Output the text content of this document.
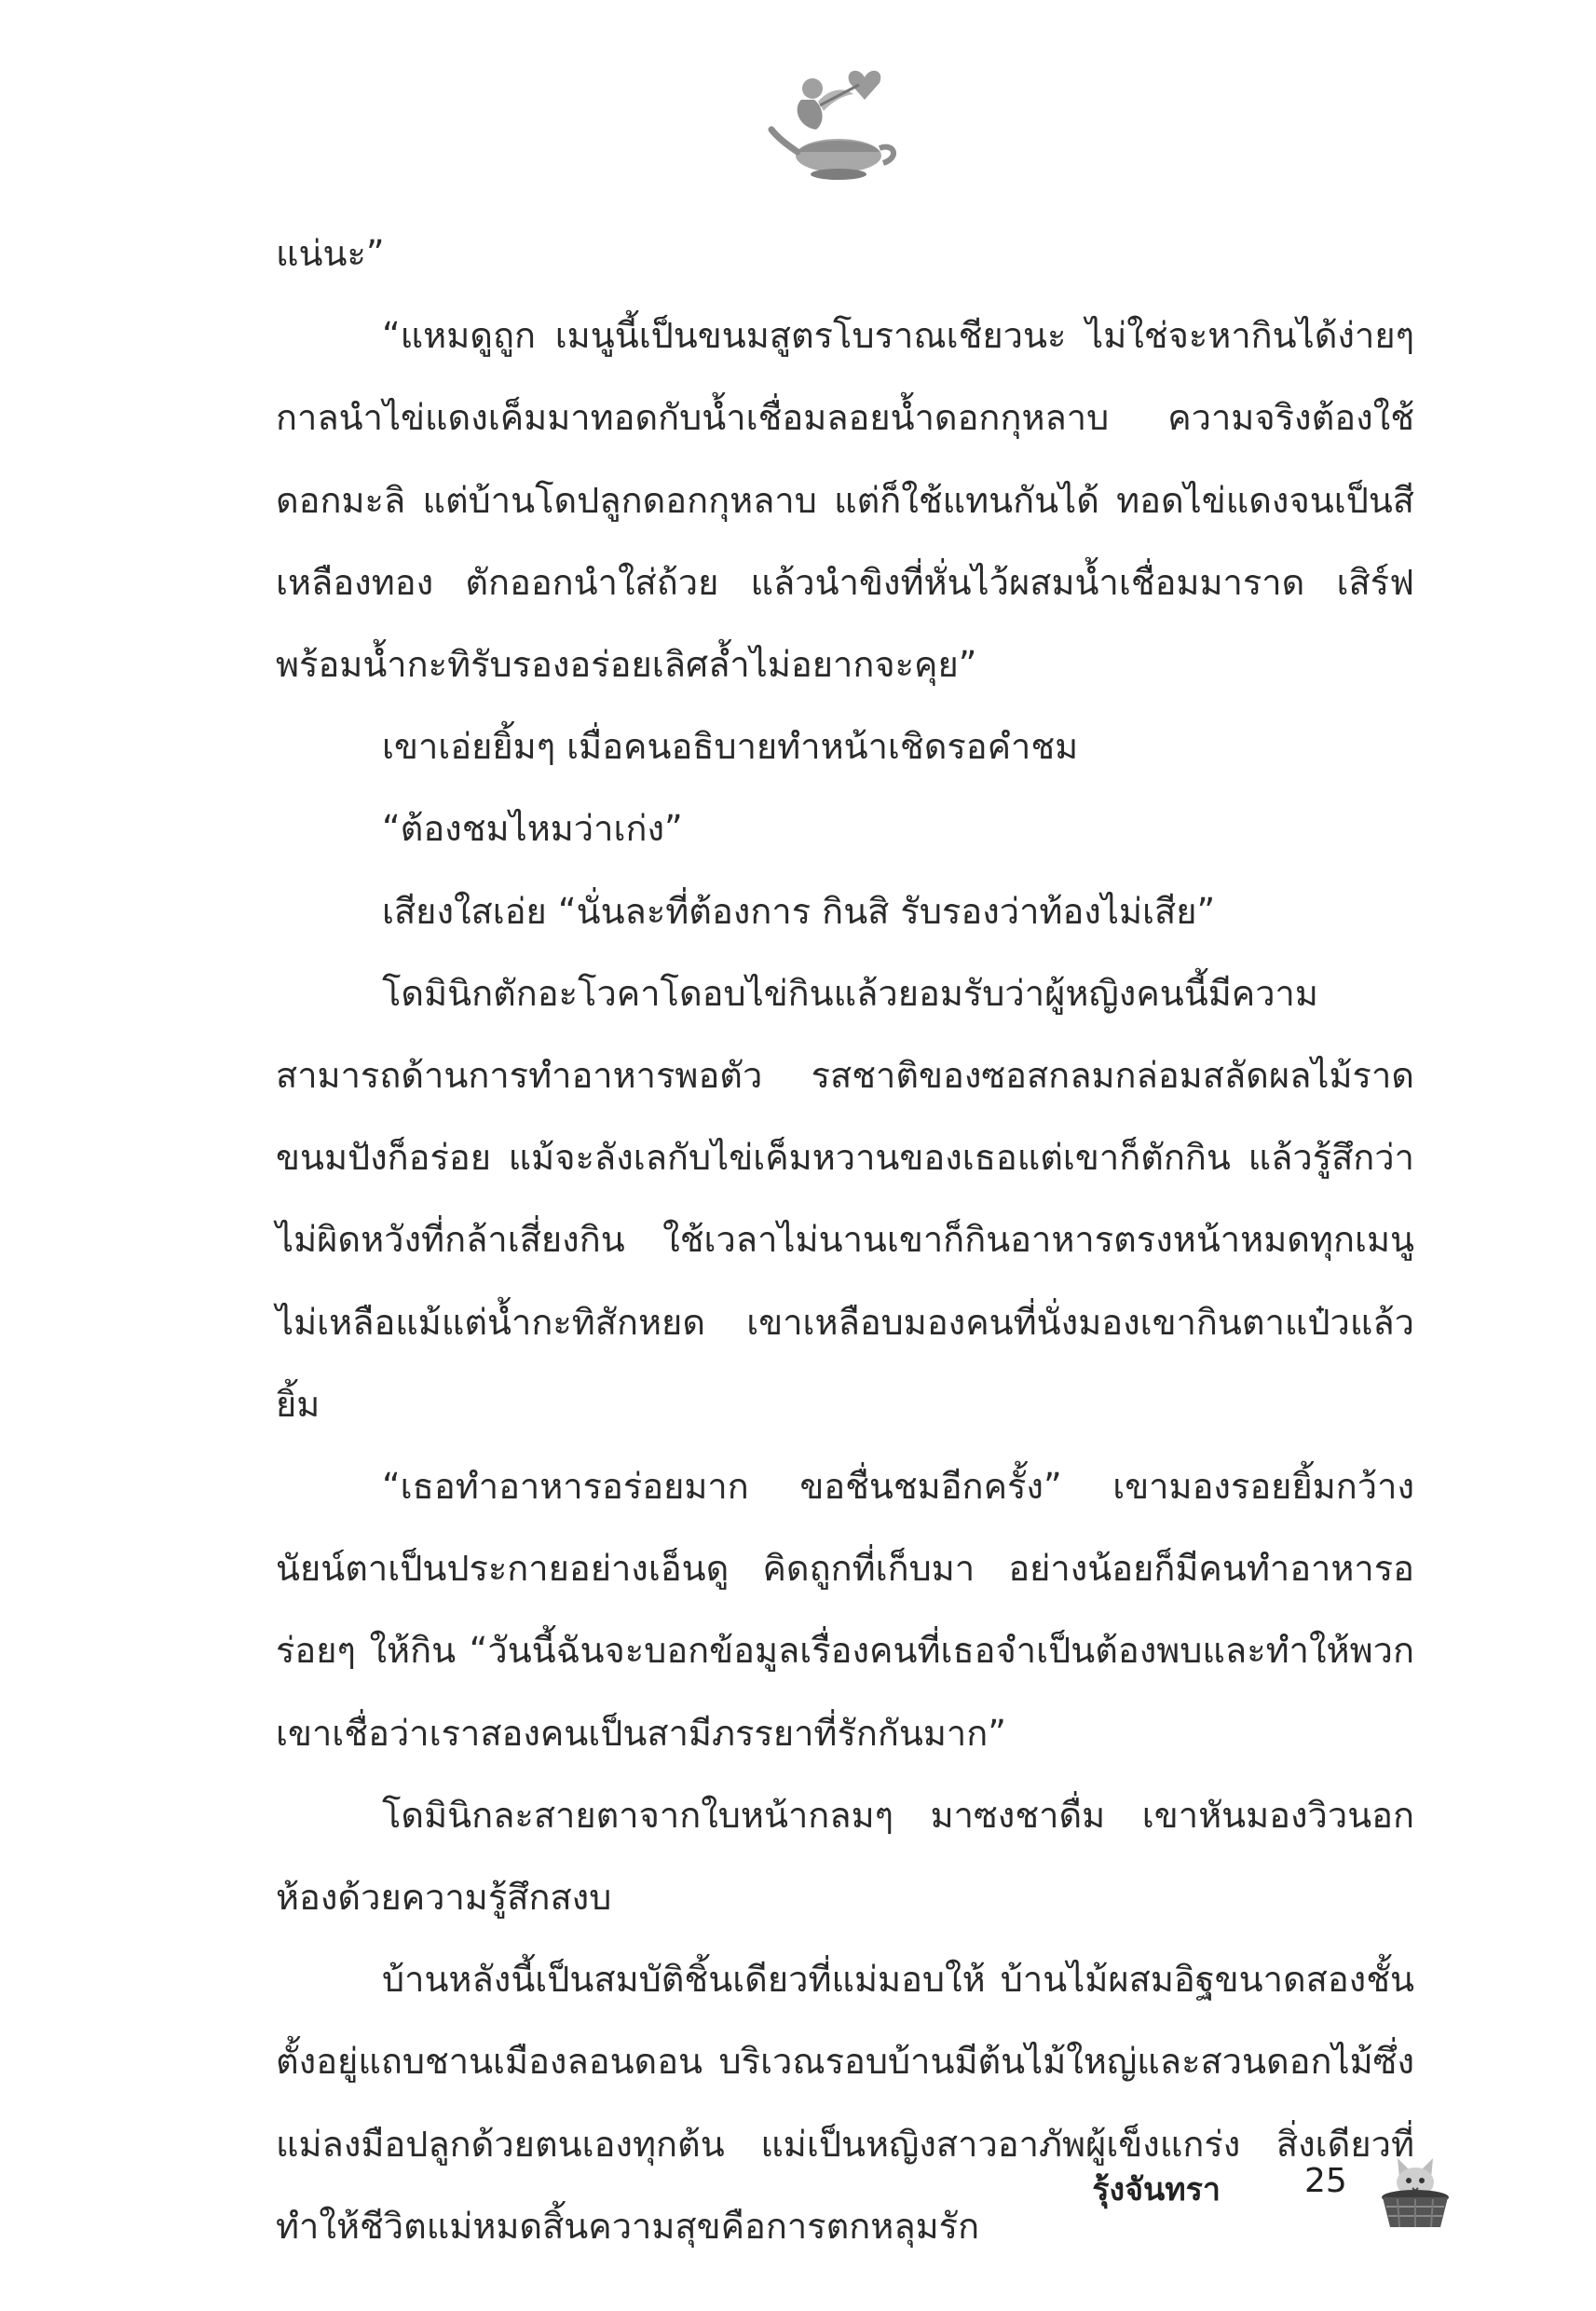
แน่นะ”

“แหมดูถูก เมนูนี้เป็นขนมสูตรโบราณเชียวนะ ไม่ใช่จะหากินได้ง่ายๆ กาลนำไข่แดงเค็มมาทอดกับน้ำเชื่อมลอยน้ำดอกกุหลาบ ความจริงต้องใช้ดอกมะลิ แต่บ้านโดปลูกดอกกุหลาบ แต่ก็ใช้แทนกันได้ ทอดไข่แดงจนเป็นสีเหลืองทอง ตักออกนำใส่ถ้วย แล้วนำขิงที่หั่นไว้ผสมน้ำเชื่อมมาราด เสิร์ฟพร้อมน้ำกะทิรับรองอร่อยเลิศล้ำไม่อยากจะคุย”

เขาเอ่ยยิ้มๆ เมื่อคนอธิบายทำหน้าเชิดรอคำชม

“ต้องชมไหมว่าเก่ง”

เสียงใสเอ่ย “นั่นละที่ต้องการ กินสิ รับรองว่าท้องไม่เสีย”

โดมินิกตักอะโวคาโดอบไข่กินแล้วยอมรับว่าผู้หญิงคนนี้มีความสามารถด้านการทำอาหารพอตัว รสชาติของซอสกลมกล่อมสลัดผลไม้ราดขนมปังก็อร่อย แม้จะลังเลกับไข่เค็มหวานของเธอแต่เขาก็ตักกิน แล้วรู้สึกว่าไม่ผิดหวังที่กล้าเสี่ยงกิน ใช้เวลาไม่นานเขาก็กินอาหารตรงหน้าหมดทุกเมนู ไม่เหลือแม้แต่น้ำกะทิสักหยด เขาเหลือบมองคนที่นั่งมองเขากินตาแป๋วแล้วยิ้ม

“เธอทำอาหารอร่อยมาก ขอชื่นชมอีกครั้ง” เขามองรอยยิ้มกว้างนัยน์ตาเป็นประกายอย่างเอ็นดู คิดถูกที่เก็บมา อย่างน้อยก็มีคนทำอาหารอร่อยๆ ให้กิน “วันนี้ฉันจะบอกข้อมูลเรื่องคนที่เธอจำเป็นต้องพบและทำให้พวกเขาเชื่อว่าเราสองคนเป็นสามีภรรยาที่รักกันมาก”

โดมินิกละสายตาจากใบหน้ากลมๆ มาซงชาดื่ม เขาหันมองวิวนอกห้องด้วยความรู้สึกสงบ

บ้านหลังนี้เป็นสมบัติชิ้นเดียวที่แม่มอบให้ บ้านไม้ผสมอิฐขนาดสองชั้นตั้งอยู่แถบชานเมืองลอนดอน บริเวณรอบบ้านมีต้นไม้ใหญ่และสวนดอกไม้ซึ่งแม่ลงมือปลูกด้วยตนเองทุกต้น แม่เป็นหญิงสาวอาภัพผู้เข็งแกร่ง สิ่งเดียวที่ทำให้ชีวิตแม่หมดสิ้นความสุขคือการตกหลุมรัก

รุ้งจันทรา	25
